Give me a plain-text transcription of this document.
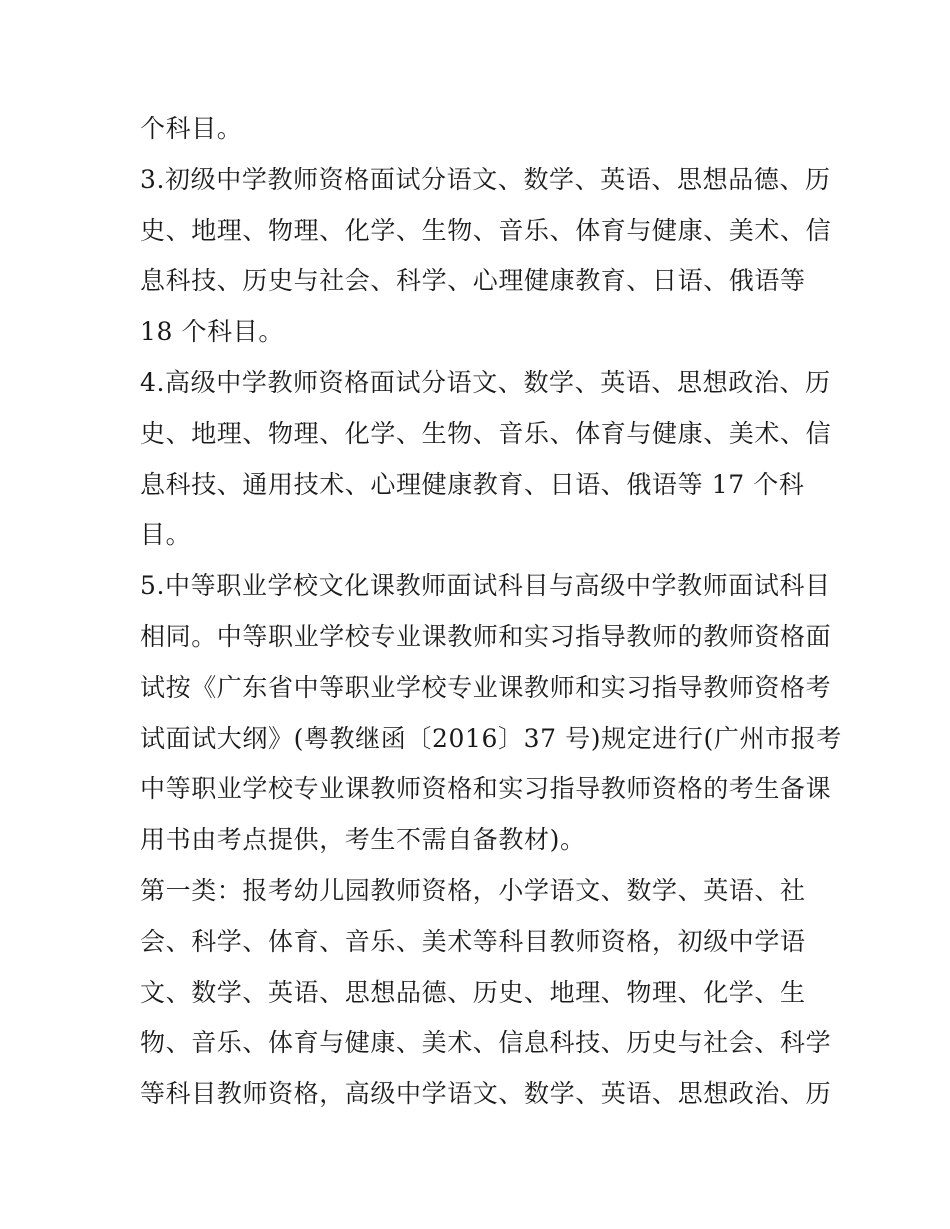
个科目。
3.初级中学教师资格面试分语文、数学、英语、思想品德、历
史、地理、物理、化学、生物、音乐、体育与健康、美术、信
息科技、历史与社会、科学、心理健康教育、日语、俄语等
18 个科目。
4.高级中学教师资格面试分语文、数学、英语、思想政治、历
史、地理、物理、化学、生物、音乐、体育与健康、美术、信
息科技、通用技术、心理健康教育、日语、俄语等 17 个科
目。
5.中等职业学校文化课教师面试科目与高级中学教师面试科目
相同。中等职业学校专业课教师和实习指导教师的教师资格面
试按《广东省中等职业学校专业课教师和实习指导教师资格考
试面试大纲》(粤教继函〔2016〕37 号)规定进行(广州市报考
中等职业学校专业课教师资格和实习指导教师资格的考生备课
用书由考点提供，考生不需自备教材)。
第一类：报考幼儿园教师资格，小学语文、数学、英语、社
会、科学、体育、音乐、美术等科目教师资格，初级中学语
文、数学、英语、思想品德、历史、地理、物理、化学、生
物、音乐、体育与健康、美术、信息科技、历史与社会、科学
等科目教师资格，高级中学语文、数学、英语、思想政治、历
